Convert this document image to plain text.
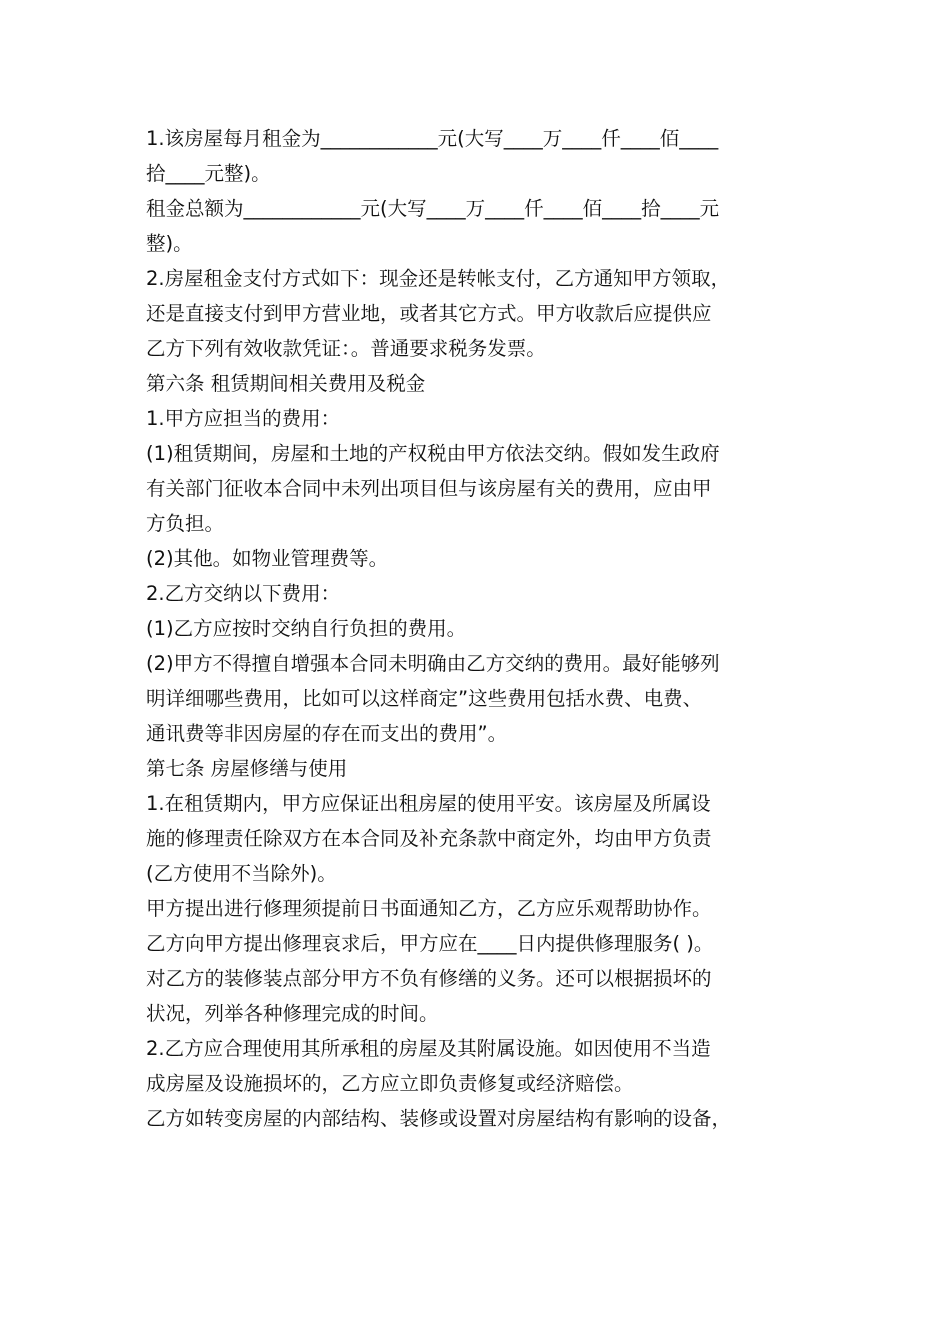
1.该房屋每月租金为____________元(大写____万____仟____佰____
拾____元整)。
租金总额为____________元(大写____万____仟____佰____拾____元
整)。
2.房屋租金支付方式如下：现金还是转帐支付，乙方通知甲方领取，
还是直接支付到甲方营业地，或者其它方式。甲方收款后应提供应
乙方下列有效收款凭证：。普通要求税务发票。
第六条 租赁期间相关费用及税金
1.甲方应担当的费用：
(1)租赁期间，房屋和土地的产权税由甲方依法交纳。假如发生政府
有关部门征收本合同中未列出项目但与该房屋有关的费用，应由甲
方负担。
(2)其他。如物业管理费等。
2.乙方交纳以下费用：
(1)乙方应按时交纳自行负担的费用。
(2)甲方不得擅自增强本合同未明确由乙方交纳的费用。最好能够列
明详细哪些费用，比如可以这样商定”这些费用包括水费、电费、
通讯费等非因房屋的存在而支出的费用”。
第七条 房屋修缮与使用
1.在租赁期内，甲方应保证出租房屋的使用平安。该房屋及所属设
施的修理责任除双方在本合同及补充条款中商定外，均由甲方负责
(乙方使用不当除外)。
甲方提出进行修理须提前日书面通知乙方，乙方应乐观帮助协作。
乙方向甲方提出修理哀求后，甲方应在____日内提供修理服务( )。
对乙方的装修装点部分甲方不负有修缮的义务。还可以根据损坏的
状况，列举各种修理完成的时间。
2.乙方应合理使用其所承租的房屋及其附属设施。如因使用不当造
成房屋及设施损坏的，乙方应立即负责修复或经济赔偿。
乙方如转变房屋的内部结构、装修或设置对房屋结构有影响的设备，
